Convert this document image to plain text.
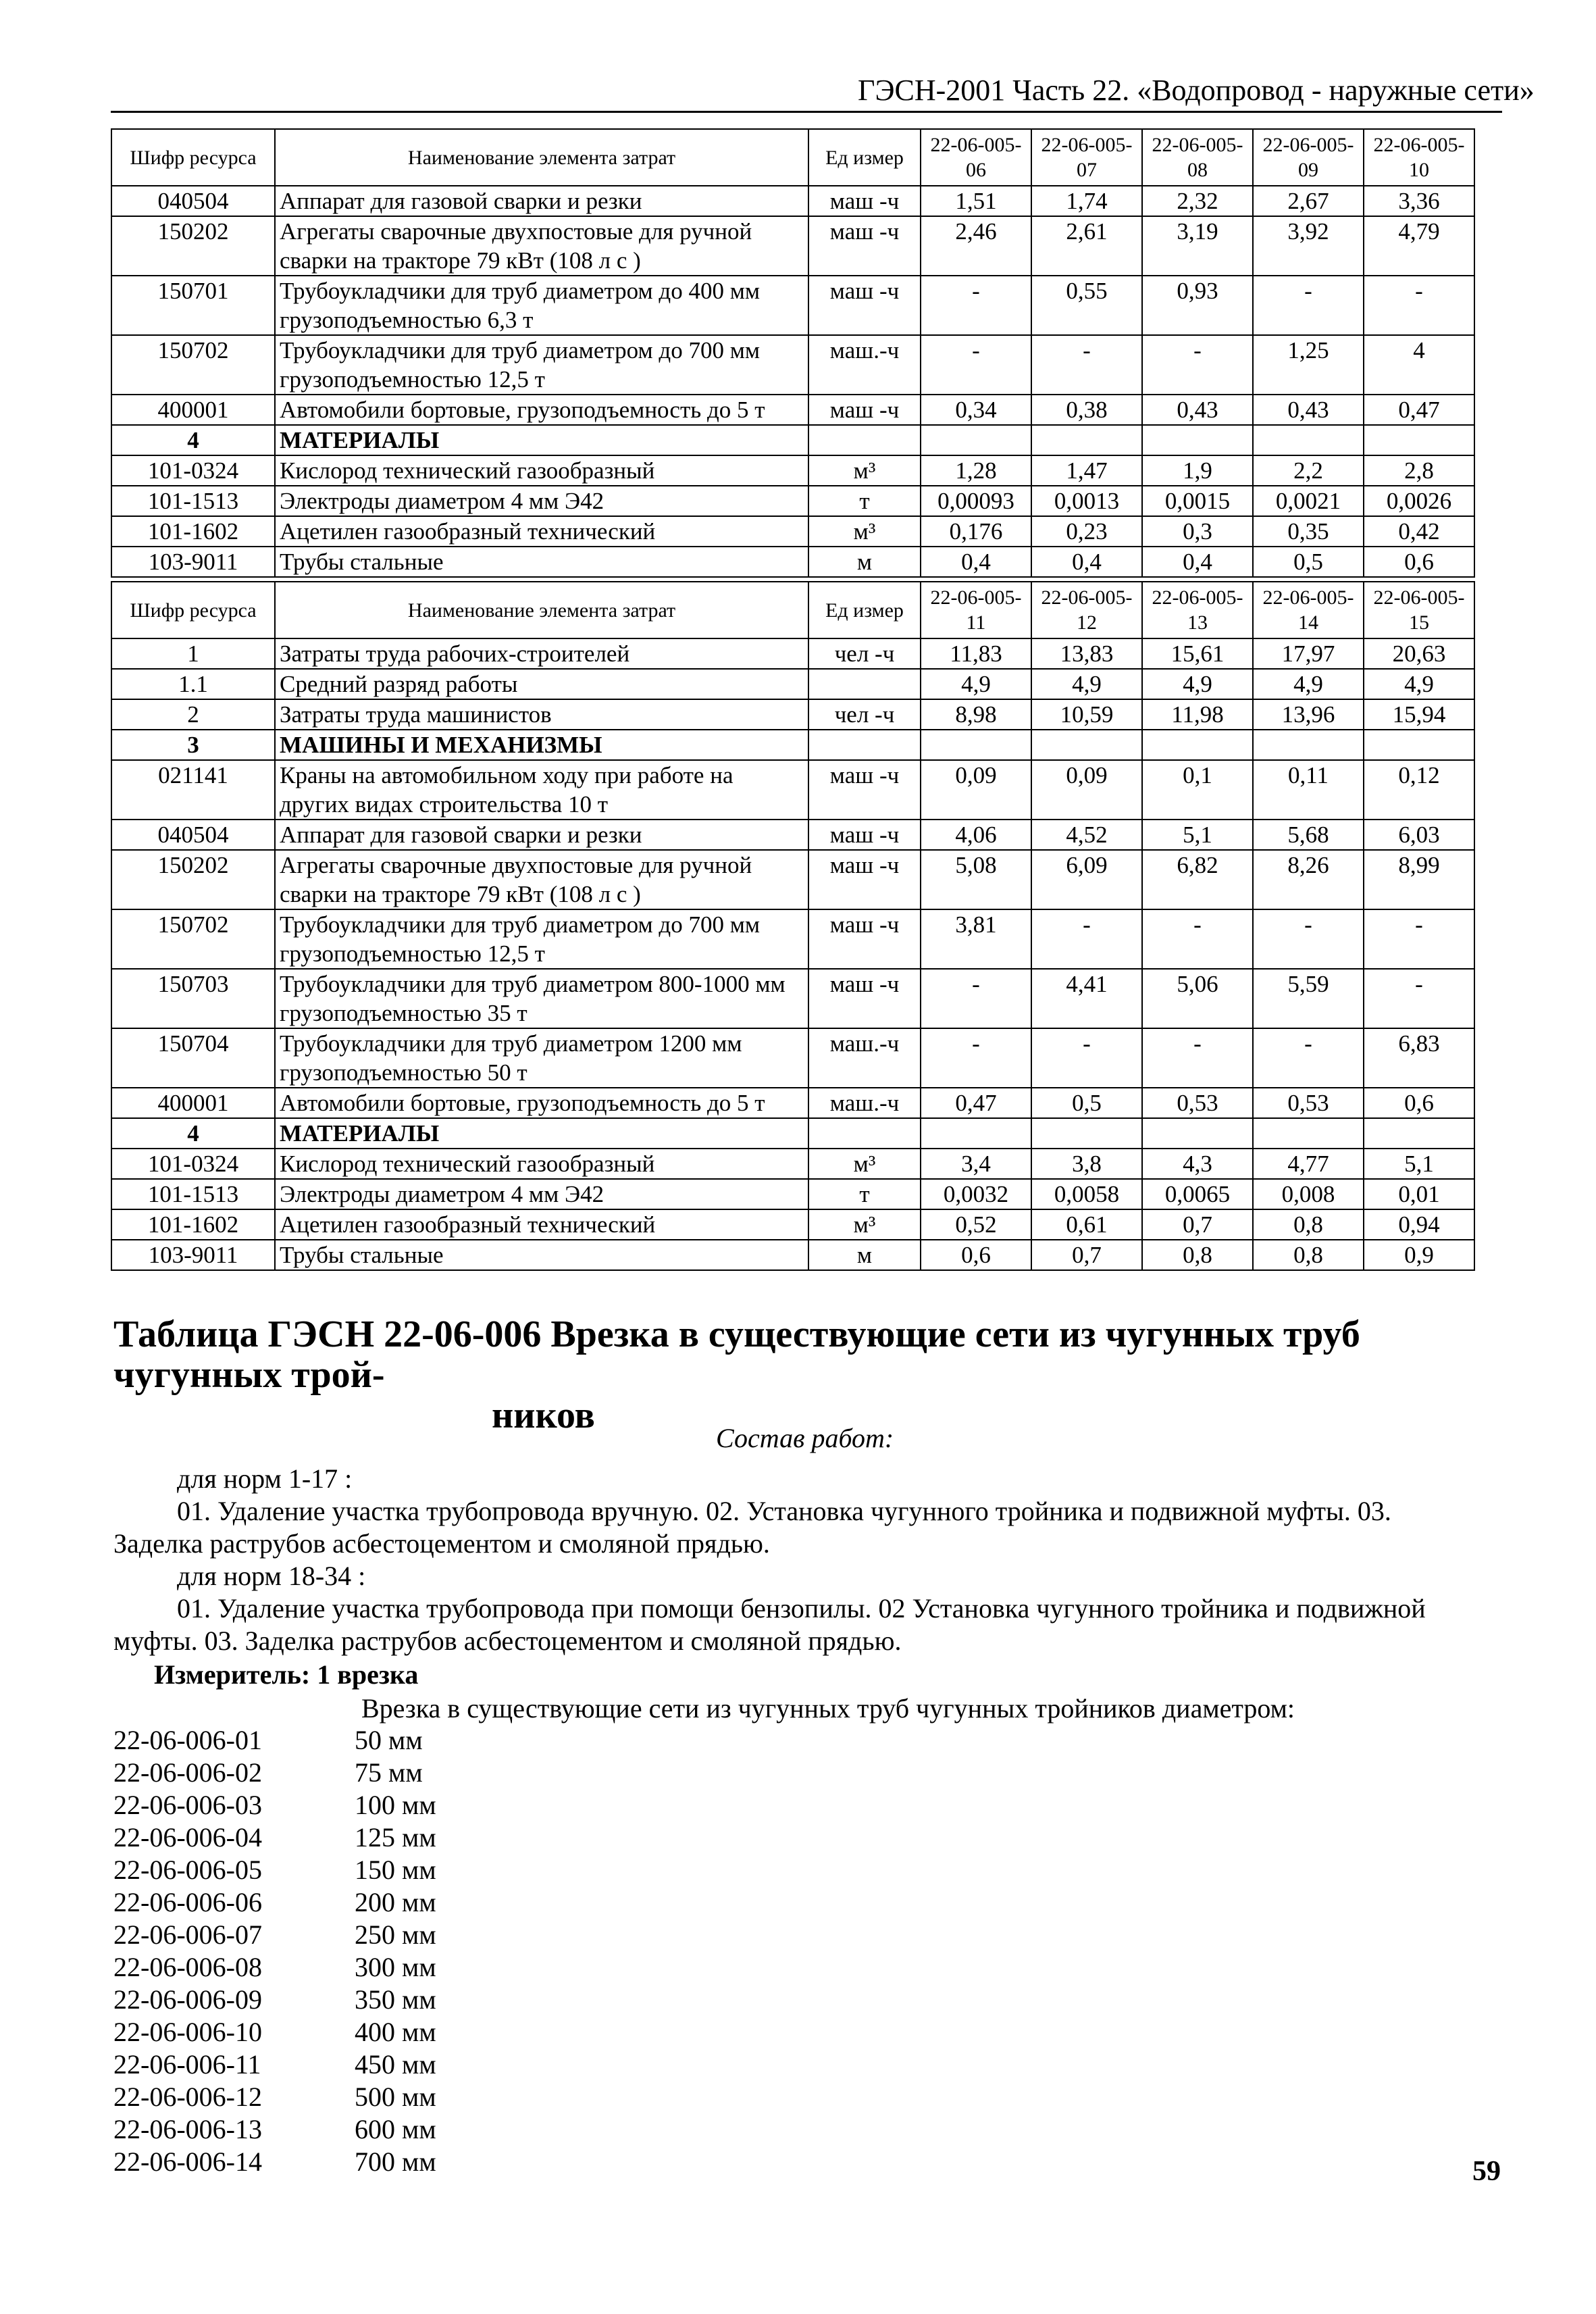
ГЭСН-2001 Часть 22. «Водопровод - наружные сети»
Шифр ресурса	Наименование элемента затрат	Ед измер	22-06-005-06	22-06-005-07	22-06-005-08	22-06-005-09	22-06-005-10
040504	Аппарат для газовой сварки и резки	маш -ч	1,51	1,74	2,32	2,67	3,36
150202	Агрегаты сварочные двухпостовые для ручной сварки на тракторе 79 кВт (108 л с )	маш -ч	2,46	2,61	3,19	3,92	4,79
150701	Трубоукладчики для труб диаметром до 400 мм грузоподъемностью 6,3 т	маш -ч	-	0,55	0,93	-	-
150702	Трубоукладчики для труб диаметром до 700 мм грузоподъемностью 12,5 т	маш.-ч	-	-	-	1,25	4
400001	Автомобили бортовые, грузоподъемность до 5 т	маш -ч	0,34	0,38	0,43	0,43	0,47
4	МАТЕРИАЛЫ						
101-0324	Кислород технический газообразный	м³	1,28	1,47	1,9	2,2	2,8
101-1513	Электроды диаметром 4 мм Э42	т	0,00093	0,0013	0,0015	0,0021	0,0026
101-1602	Ацетилен газообразный технический	м³	0,176	0,23	0,3	0,35	0,42
103-9011	Трубы стальные	м	0,4	0,4	0,4	0,5	0,6
Шифр ресурса	Наименование элемента затрат	Ед измер	22-06-005-11	22-06-005-12	22-06-005-13	22-06-005-14	22-06-005-15
1	Затраты труда рабочих-строителей	чел -ч	11,83	13,83	15,61	17,97	20,63
1.1	Средний разряд работы		4,9	4,9	4,9	4,9	4,9
2	Затраты труда машинистов	чел -ч	8,98	10,59	11,98	13,96	15,94
3	МАШИНЫ И МЕХАНИЗМЫ						
021141	Краны на автомобильном ходу при работе на других видах строительства 10 т	маш -ч	0,09	0,09	0,1	0,11	0,12
040504	Аппарат для газовой сварки и резки	маш -ч	4,06	4,52	5,1	5,68	6,03
150202	Агрегаты сварочные двухпостовые для ручной сварки на тракторе 79 кВт (108 л с )	маш -ч	5,08	6,09	6,82	8,26	8,99
150702	Трубоукладчики для труб диаметром до 700 мм грузоподъемностью 12,5 т	маш -ч	3,81	-	-	-	-
150703	Трубоукладчики для труб диаметром 800-1000 мм грузоподъемностью 35 т	маш -ч	-	4,41	5,06	5,59	-
150704	Трубоукладчики для труб диаметром 1200 мм грузоподъемностью 50 т	маш.-ч	-	-	-	-	6,83
400001	Автомобили бортовые, грузоподъемность до 5 т	маш.-ч	0,47	0,5	0,53	0,53	0,6
4	МАТЕРИАЛЫ						
101-0324	Кислород технический газообразный	м³	3,4	3,8	4,3	4,77	5,1
101-1513	Электроды диаметром 4 мм Э42	т	0,0032	0,0058	0,0065	0,008	0,01
101-1602	Ацетилен газообразный технический	м³	0,52	0,61	0,7	0,8	0,94
103-9011	Трубы стальные	м	0,6	0,7	0,8	0,8	0,9
Таблица ГЭСН 22-06-006 Врезка в существующие сети из чугунных труб чугунных трой-
ников
Состав работ:
для норм 1-17 :
01. Удаление участка трубопровода вручную. 02. Установка чугунного тройника и подвижной муфты. 03.
Заделка раструбов асбестоцементом и смоляной прядью.
для норм 18-34 :
01. Удаление участка трубопровода при помощи бензопилы. 02 Установка чугунного тройника и подвижной
муфты. 03. Заделка раструбов асбестоцементом и смоляной прядью.
Измеритель: 1 врезка
Врезка в существующие сети из чугунных труб чугунных тройников диаметром:
22-06-006-01	50 мм
22-06-006-02	75 мм
22-06-006-03	100 мм
22-06-006-04	125 мм
22-06-006-05	150 мм
22-06-006-06	200 мм
22-06-006-07	250 мм
22-06-006-08	300 мм
22-06-006-09	350 мм
22-06-006-10	400 мм
22-06-006-11	450 мм
22-06-006-12	500 мм
22-06-006-13	600 мм
22-06-006-14	700 мм	59
